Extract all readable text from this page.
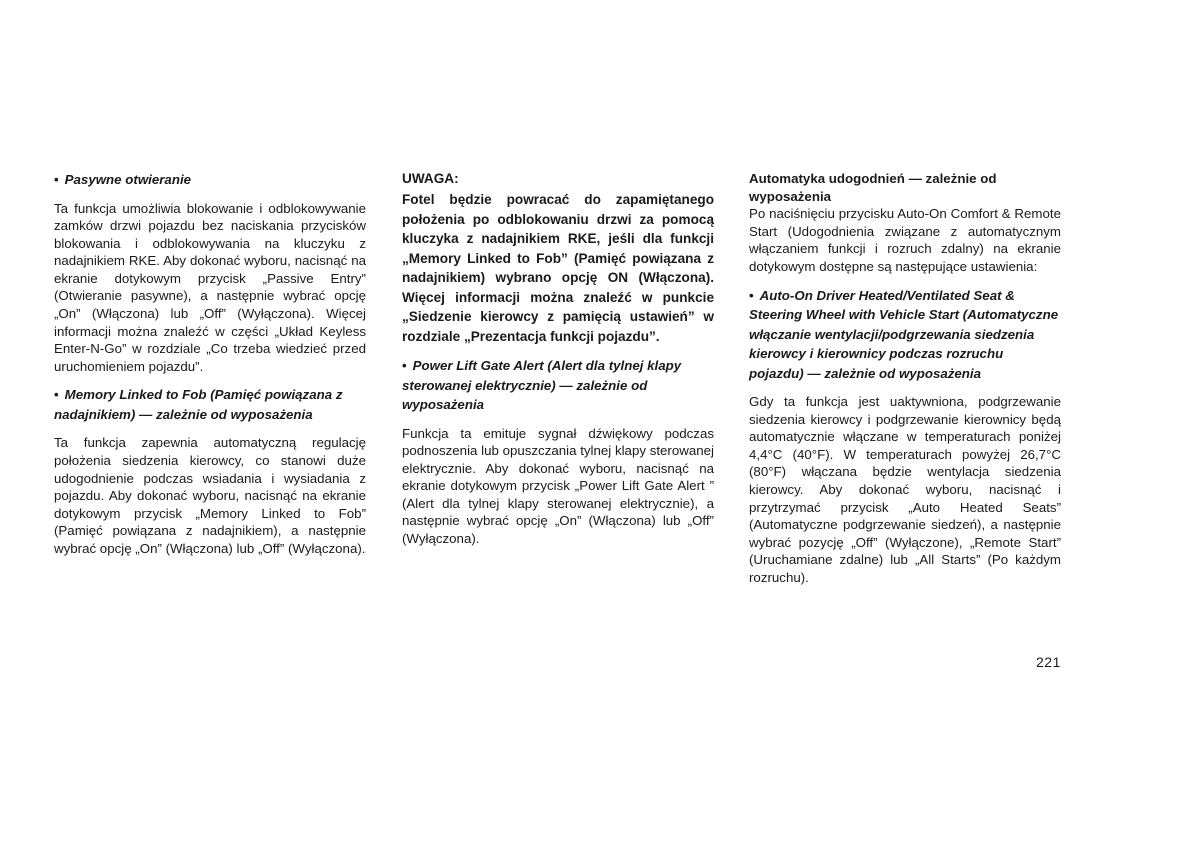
• Pasywne otwieranie

Ta funkcja umożliwia blokowanie i odblokowywanie zamków drzwi pojazdu bez naciskania przycisków blokowania i odblokowywania na kluczyku z nadajnikiem RKE. Aby dokonać wyboru, nacisnąć na ekranie dotykowym przycisk „Passive Entry” (Otwieranie pasywne), a następnie wybrać opcję „On” (Włączona) lub „Off” (Wyłączona). Więcej informacji można znaleźć w części „Układ Keyless Enter-N-Go” w rozdziale „Co trzeba wiedzieć przed uruchomieniem pojazdu”.

• Memory Linked to Fob (Pamięć powiązana z nadajnikiem) — zależnie od wyposażenia

Ta funkcja zapewnia automatyczną regulację położenia siedzenia kierowcy, co stanowi duże udogodnienie podczas wsiadania i wysiadania z pojazdu. Aby dokonać wyboru, nacisnąć na ekranie dotykowym przycisk „Memory Linked to Fob” (Pamięć powiązana z nadajnikiem), a następnie wybrać opcję „On” (Włączona) lub „Off” (Wyłączona).

UWAGA:

Fotel będzie powracać do zapamiętanego położenia po odblokowaniu drzwi za pomocą kluczyka z nadajnikiem RKE, jeśli dla funkcji „Memory Linked to Fob” (Pamięć powiązana z nadajnikiem) wybrano opcję ON (Włączona). Więcej informacji można znaleźć w punkcie „Siedzenie kierowcy z pamięcią ustawień” w rozdziale „Prezentacja funkcji pojazdu”.

• Power Lift Gate Alert (Alert dla tylnej klapy sterowanej elektrycznie) — zależnie od wyposażenia

Funkcja ta emituje sygnał dźwiękowy podczas podnoszenia lub opuszczania tylnej klapy sterowanej elektrycznie. Aby dokonać wyboru, nacisnąć na ekranie dotykowym przycisk „Power Lift Gate Alert ” (Alert dla tylnej klapy sterowanej elektrycznie), a następnie wybrać opcję „On” (Włączona) lub „Off” (Wyłączona).

Automatyka udogodnień — zależnie od wyposażenia

Po naciśnięciu przycisku Auto-On Comfort & Remote Start (Udogodnienia związane z automatycznym włączaniem funkcji i rozruch zdalny) na ekranie dotykowym dostępne są następujące ustawienia:

• Auto-On Driver Heated/Ventilated Seat & Steering Wheel with Vehicle Start (Automatyczne włączanie wentylacji/podgrzewania siedzenia kierowcy i kierownicy podczas rozruchu pojazdu) — zależnie od wyposażenia

Gdy ta funkcja jest uaktywniona, podgrzewanie siedzenia kierowcy i podgrzewanie kierownicy będą automatycznie włączane w temperaturach poniżej 4,4°C (40°F). W temperaturach powyżej 26,7°C (80°F) włączana będzie wentylacja siedzenia kierowcy. Aby dokonać wyboru, nacisnąć i przytrzymać przycisk „Auto Heated Seats” (Automatyczne podgrzewanie siedzeń), a następnie wybrać pozycję „Off” (Wyłączone), „Remote Start” (Uruchamiane zdalne) lub „All Starts” (Po każdym rozruchu).

221
